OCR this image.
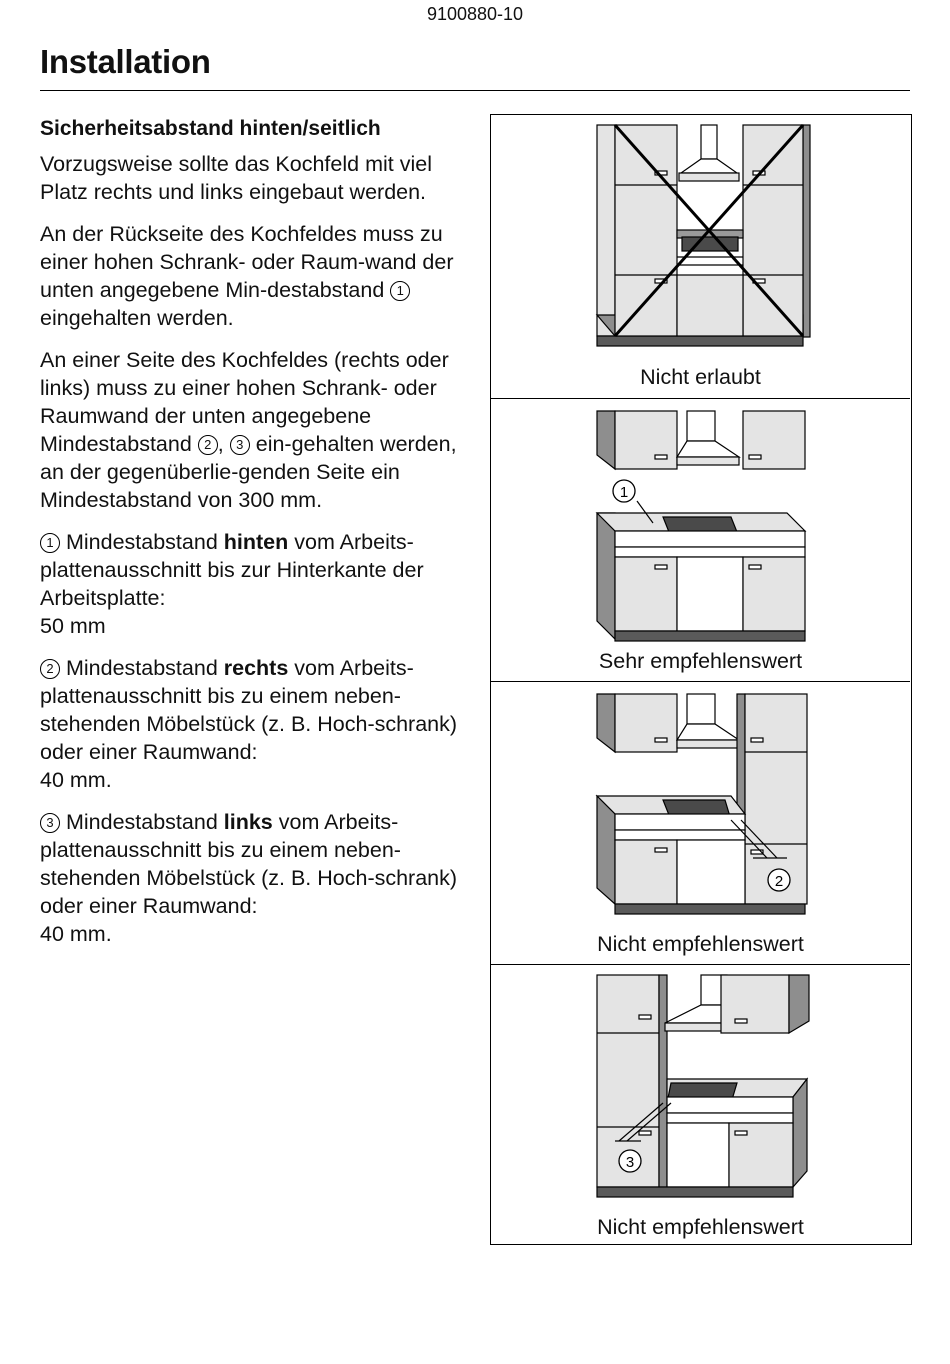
9100880-10
Installation
Sicherheitsabstand hinten/seitlich

Vorzugsweise sollte das Kochfeld mit viel Platz rechts und links eingebaut werden.

An der Rückseite des Kochfeldes muss zu einer hohen Schrank- oder Raum-wand der unten angegebene Min-destabstand 1 eingehalten werden.

An einer Seite des Kochfeldes (rechts oder links) muss zu einer hohen Schrank- oder Raumwand der unten angegebene Mindestabstand 2 , 3 ein-gehalten werden, an der gegenüberlie-genden Seite ein Mindestabstand von 300 mm.

1 Mindestabstand hinten vom Arbeits-plattenausschnitt bis zur Hinterkante der Arbeitsplatte:
50 mm

2 Mindestabstand rechts vom Arbeits-plattenausschnitt bis zu einem neben-stehenden Möbelstück (z. B. Hoch-schrank) oder einer Raumwand:
40 mm.

3 Mindestabstand links vom Arbeits-plattenausschnitt bis zu einem neben-stehenden Möbelstück (z. B. Hoch-schrank) oder einer Raumwand:
40 mm.

Nicht erlaubt
1
Sehr empfehlenswert
2
Nicht empfehlenswert
3
Nicht empfehlenswert
